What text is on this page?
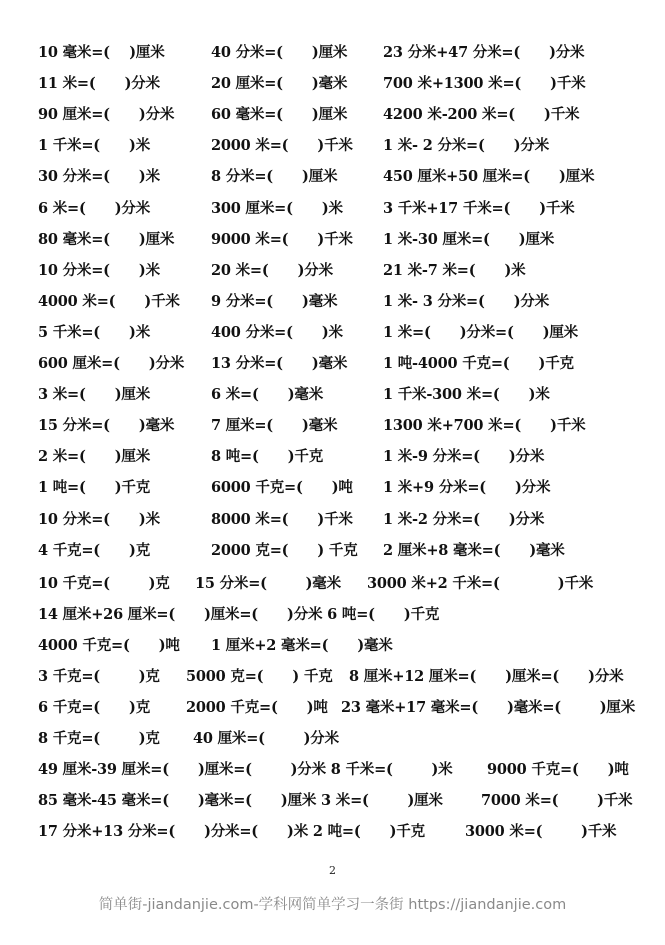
10 毫米=(    )厘米	40 分米=(      )厘米 23 分米+47 分米=(      )分米
11 米=(      )分米	20 厘米=(      )毫米 700 米+1300 米=(      )千米
90 厘米=(      )分米	60 毫米=(      )厘米 4200 米-200 米=(      )千米
1 千米=(      )米	2000 米=(      )千米 1 米- 2 分米=(      )分米
30 分米=(      )米	8 分米=(      )厘米	450 厘米+50 厘米=(      )厘米
6 米=(      )分米	300 厘米=(      )米	3 千米+17 千米=(      )千米
80 毫米=(      )厘米	9000 米=(      )千米 1 米-30 厘米=(      )厘米
10 分米=(      )米	20 米=(      )分米	21 米-7 米=(      )米
4000 米=(      )千米 9 分米=(      )毫米	1 米- 3 分米=(      )分米
5 千米=(      )米	400 分米=(      )米	1 米=(      )分米=(      )厘米
600 厘米=(      )分米 13 分米=(      )毫米 1 吨-4000 千克=(      )千克
3 米=(      )厘米	6 米=(      )毫米	1 千米-300 米=(      )米
15 分米=(      )毫米	7 厘米=(      )毫米	1300 米+700 米=(      )千米
2 米=(      )厘米	8 吨=(      )千克	1 米-9 分米=(      )分米
1 吨=(      )千克	6000 千克=(      )吨 1 米+9 分米=(      )分米
10 分米=(      )米	8000 米=(      )千米 1 米-2 分米=(      )分米
4 千克=(      )克	2000 克=(      ) 千克 2 厘米+8 毫米=(      )毫米
10 千克=(        )克 15 分米=(        )毫米 3000 米+2 千米=(            )千米
14 厘米+26 厘米=(      )厘米=(      )分米 6 吨=(      )千克
4000 千克=(      )吨 1 厘米+2 毫米=(      )毫米
3 千克=(        )克 5000 克=(      ) 千克 8 厘米+12 厘米=(      )厘米=(      )分米
6 千克=(      )克 2000 千克=(      )吨 23 毫米+17 毫米=(      )毫米=(        )厘米
8 千克=(        )克 40 厘米=(        )分米
49 厘米-39 厘米=(      )厘米=(        )分米 8 千米=(        )米 9000 千克=(      )吨
85 毫米-45 毫米=(      )毫米=(      )厘米 3 米=(        )厘米	7000 米=(        )千米
17 分米+13 分米=(      )分米=(      )米 2 吨=(      )千克	3000 米=(        )千米
2
简单街-jiandanjie.com-学科网简单学习一条街 https://jiandanjie.com
